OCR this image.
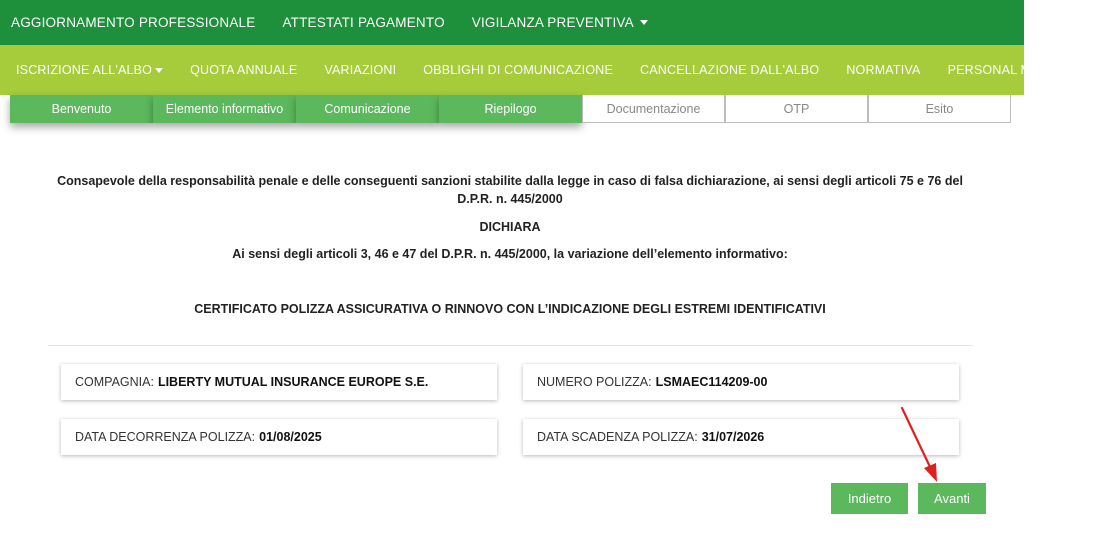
AGGIORNAMENTO PROFESSIONALE ATTESTATI PAGAMENTO VIGILANZA PREVENTIVA
ISCRIZIONE ALL'ALBO	QUOTA ANNUALE VARIAZIONI OBBLIGHI DI COMUNICAZIONE CANCELLAZIONE DALL'ALBO NORMATIVA PERSONAL MARKETING
Benvenuto	Elemento informativo	Comunicazione	Riepilogo	Documentazione	OTP	Esito
Consapevole della responsabilità penale e delle conseguenti sanzioni stabilite dalla legge in caso di falsa dichiarazione, ai sensi degli articoli 75 e 76 del D.P.R. n. 445/2000
DICHIARA
Ai sensi degli articoli 3, 46 e 47 del D.P.R. n. 445/2000, la variazione dell’elemento informativo:
CERTIFICATO POLIZZA ASSICURATIVA O RINNOVO CON L’INDICAZIONE DEGLI ESTREMI IDENTIFICATIVI
COMPAGNIA: LIBERTY MUTUAL INSURANCE EUROPE S.E.	NUMERO POLIZZA: LSMAEC114209-00
DATA DECORRENZA POLIZZA: 01/08/2025	DATA SCADENZA POLIZZA: 31/07/2026
Indietro	Avanti
